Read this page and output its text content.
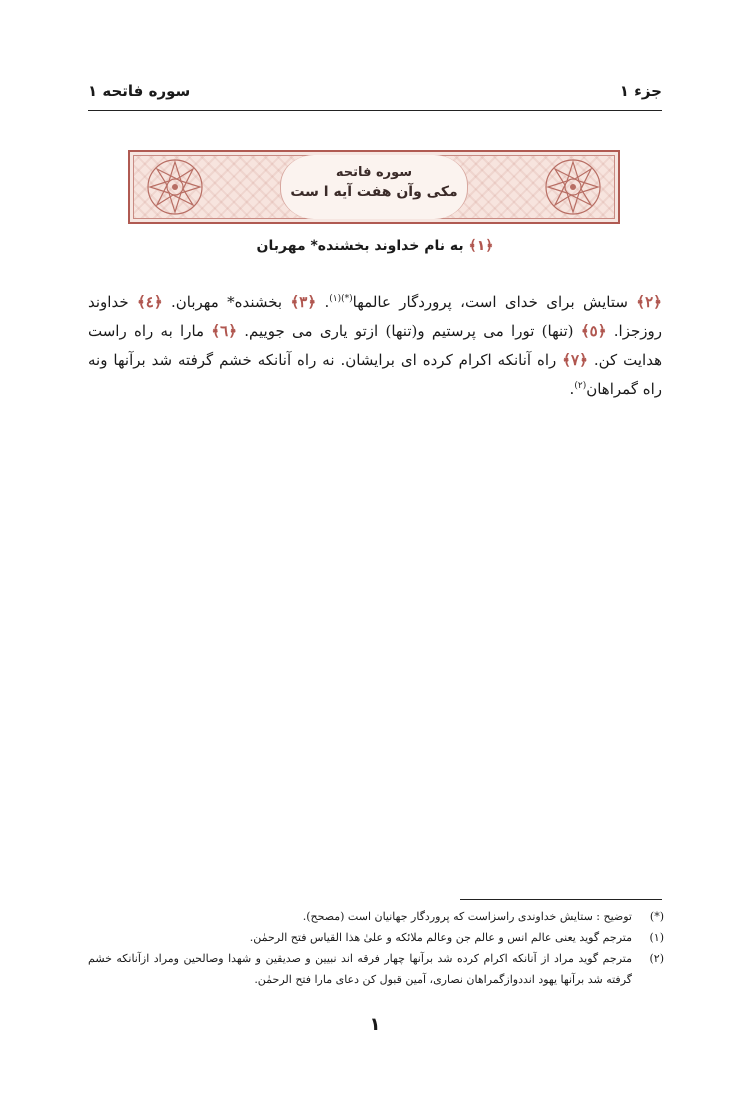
جزء ۱
سوره فاتحه ۱
سوره فاتحه
مکی وآن هفت آیه ا ست
﴿١﴾ به نام خداوند بخشنده* مهربان
﴿٢﴾ ستایش برای خدای است، پروردگار عالمها$^{(*)(۱)}$. ﴿٣﴾ بخشنده* مهربان. ﴿٤﴾ خداوند روزجزا. ﴿٥﴾ (تنها) تورا می پرستیم و(تنها) ازتو یاری می جوییم. ﴿٦﴾ مارا به راه راست هدایت کن. ﴿٧﴾ راه آنانکه اکرام کرده ای برایشان. نه راه آنانکه خشم گرفته شد برآنها ونه راه گمراهان$^{(۲)}$.
(*)
توضیح : ستایش خداوندی راسزاست که پروردگار جهانیان است (مصحح).
(۱)
مترجم گوید یعنی عالم انس و عالم جن وعالم ملائکه و علیٰ هذا القیاس فتح الرحمٰن.
(۲)
مترجم گوید مراد از آنانکه اکرام کرده شد برآنها چهار فرقه اند نبیین و صدیقین و شهدا وصالحین ومراد ازآنانکه خشم گرفته شد برآنها یهود انددوازگمراهان نصاری، آمین قبول کن دعای مارا فتح الرحمٰن.
۱
